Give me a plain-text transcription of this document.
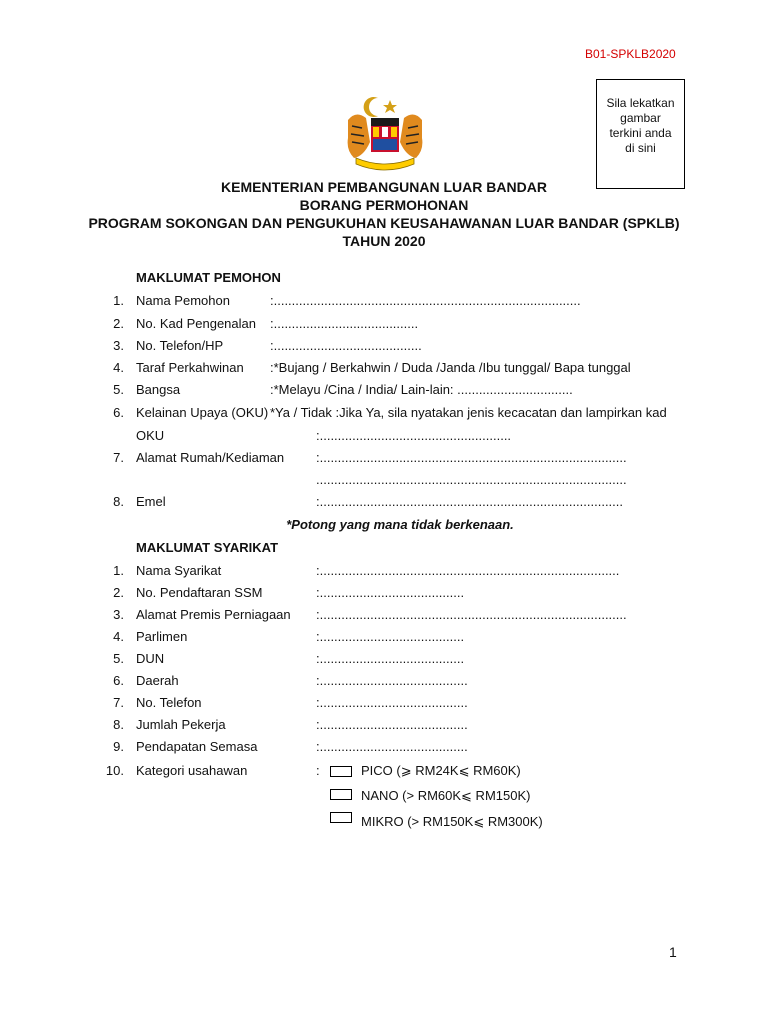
B01-SPKLB2020
Sila lekatkan
gambar
terkini anda
di sini
KEMENTERIAN PEMBANGUNAN LUAR BANDAR
BORANG PERMOHONAN
PROGRAM SOKONGAN DAN PENGUKUHAN KEUSAHAWANAN LUAR BANDAR (SPKLB)
TAHUN 2020
MAKLUMAT PEMOHON
1. Nama Pemohon	:.....................................................................................
2. No. Kad Pengenalan :........................................
3. No. Telefon/HP	:.........................................
4. Taraf Perkahwinan :*Bujang / Berkahwin / Duda /Janda /Ibu tunggal/ Bapa tunggal
5. Bangsa	:*Melayu /Cina / India/ Lain-lain: ................................
6. Kelainan Upaya (OKU) *Ya / Tidak :Jika Ya, sila nyatakan jenis kecacatan dan lampirkan kad
OKU	:.....................................................
7. Alamat Rumah/Kediaman :.....................................................................................
......................................................................................
8. Emel	:....................................................................................
*Potong yang mana tidak berkenaan.
MAKLUMAT SYARIKAT
1. Nama Syarikat	:...................................................................................
2. No. Pendaftaran SSM	:........................................
3. Alamat Premis Perniagaan :.....................................................................................
4. Parlimen	:........................................
5. DUN	:........................................
6. Daerah	:.........................................
7. No. Telefon	:.........................................
8. Jumlah Pekerja	:.........................................
9. Pendapatan Semasa	:.........................................
10. Kategori usahawan	:	PICO (⩾ RM24K⩽ RM60K)
NANO (> RM60K⩽ RM150K)
MIKRO (> RM150K⩽ RM300K)
1
